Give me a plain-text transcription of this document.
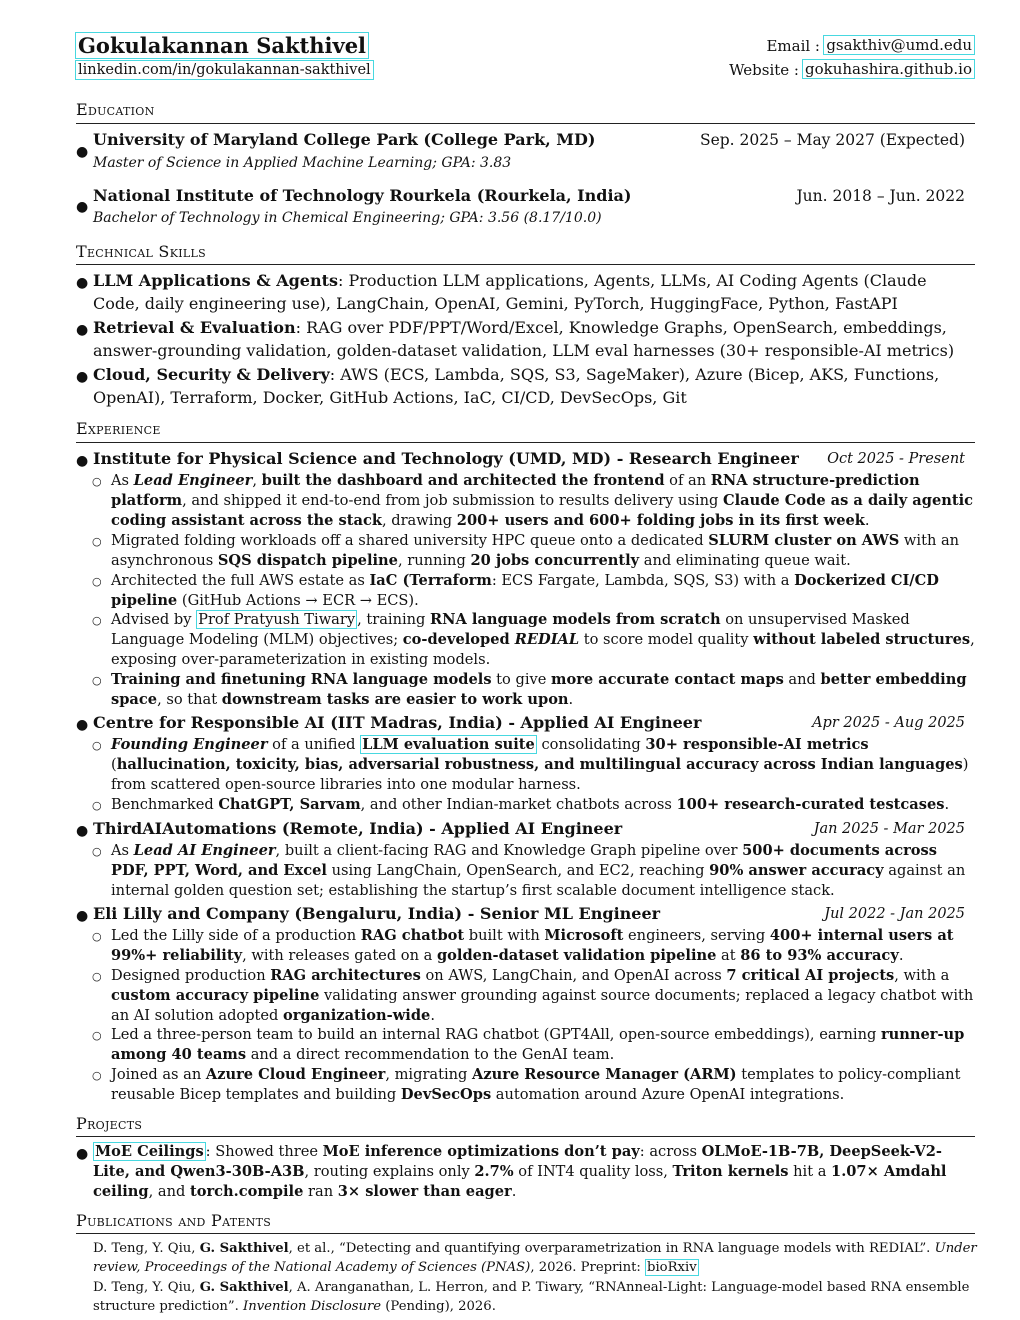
Gokulakannan Sakthivel
linkedin.com/in/gokulakannan-sakthivel
Email : gsakthiv@umd.edu
Website : gokuhashira.github.io
Education
●
University of Maryland College Park (College Park, MD)	Sep. 2025 – May 2027 (Expected)
Master of Science in Applied Machine Learning; GPA: 3.83
●
National Institute of Technology Rourkela (Rourkela, India)	Jun. 2018 – Jun. 2022
Bachelor of Technology in Chemical Engineering; GPA: 3.56 (8.17/10.0)
Technical Skills
● LLM Applications & Agents: Production LLM applications, Agents, LLMs, AI Coding Agents (Claude Code, daily engineering use), LangChain, OpenAI, Gemini, PyTorch, HuggingFace, Python, FastAPI
● Retrieval & Evaluation: RAG over PDF/PPT/Word/Excel, Knowledge Graphs, OpenSearch, embeddings, answer-grounding validation, golden-dataset validation, LLM eval harnesses (30+ responsible-AI metrics)
● Cloud, Security & Delivery: AWS (ECS, Lambda, SQS, S3, SageMaker), Azure (Bicep, AKS, Functions, OpenAI), Terraform, Docker, GitHub Actions, IaC, CI/CD, DevSecOps, Git
Experience
● Institute for Physical Science and Technology (UMD, MD) - Research Engineer Oct 2025 - Present
○ As Lead Engineer, built the dashboard and architected the frontend of an RNA structure-prediction platform, and shipped it end-to-end from job submission to results delivery using Claude Code as a daily agentic coding assistant across the stack, drawing 200+ users and 600+ folding jobs in its first week.
○ Migrated folding workloads off a shared university HPC queue onto a dedicated SLURM cluster on AWS with an asynchronous SQS dispatch pipeline, running 20 jobs concurrently and eliminating queue wait.
○ Architected the full AWS estate as IaC (Terraform: ECS Fargate, Lambda, SQS, S3) with a Dockerized CI/CD pipeline (GitHub Actions → ECR → ECS).
○ Advised by Prof Pratyush Tiwary , training RNA language models from scratch on unsupervised Masked Language Modeling (MLM) objectives; co-developed REDIAL to score model quality without labeled structures, exposing over-parameterization in existing models.
○ Training and finetuning RNA language models to give more accurate contact maps and better embedding space, so that downstream tasks are easier to work upon.
● Centre for Responsible AI (IIT Madras, India) - Applied AI Engineer	Apr 2025 - Aug 2025
○ Founding Engineer of a unified LLM evaluation suite consolidating 30+ responsible-AI metrics (hallucination, toxicity, bias, adversarial robustness, and multilingual accuracy across Indian languages) from scattered open-source libraries into one modular harness.
○ Benchmarked ChatGPT, Sarvam, and other Indian-market chatbots across 100+ research-curated testcases.
● ThirdAIAutomations (Remote, India) - Applied AI Engineer	Jan 2025 - Mar 2025
○ As Lead AI Engineer, built a client-facing RAG and Knowledge Graph pipeline over 500+ documents across PDF, PPT, Word, and Excel using LangChain, OpenSearch, and EC2, reaching 90% answer accuracy against an internal golden question set; establishing the startup’s first scalable document intelligence stack.
● Eli Lilly and Company (Bengaluru, India) - Senior ML Engineer	Jul 2022 - Jan 2025
○ Led the Lilly side of a production RAG chatbot built with Microsoft engineers, serving 400+ internal users at 99%+ reliability, with releases gated on a golden-dataset validation pipeline at 86 to 93% accuracy.
○ Designed production RAG architectures on AWS, LangChain, and OpenAI across 7 critical AI projects, with a custom accuracy pipeline validating answer grounding against source documents; replaced a legacy chatbot with an AI solution adopted organization-wide.
○ Led a three-person team to build an internal RAG chatbot (GPT4All, open-source embeddings), earning runner-up among 40 teams and a direct recommendation to the GenAI team.
○ Joined as an Azure Cloud Engineer, migrating Azure Resource Manager (ARM) templates to policy-compliant reusable Bicep templates and building DevSecOps automation around Azure OpenAI integrations.
Projects
● MoE Ceilings : Showed three MoE inference optimizations don’t pay: across OLMoE-1B-7B, DeepSeek-V2-Lite, and Qwen3-30B-A3B, routing explains only 2.7% of INT4 quality loss, Triton kernels hit a 1.07× Amdahl ceiling, and torch.compile ran 3× slower than eager.
Publications and Patents
D. Teng, Y. Qiu, G. Sakthivel, et al., “Detecting and quantifying overparametrization in RNA language models with REDIAL”. Under review, Proceedings of the National Academy of Sciences (PNAS), 2026. Preprint: bioRxiv
D. Teng, Y. Qiu, G. Sakthivel, A. Aranganathan, L. Herron, and P. Tiwary, “RNAnneal-Light: Language-model based RNA ensemble structure prediction”. Invention Disclosure (Pending), 2026.
